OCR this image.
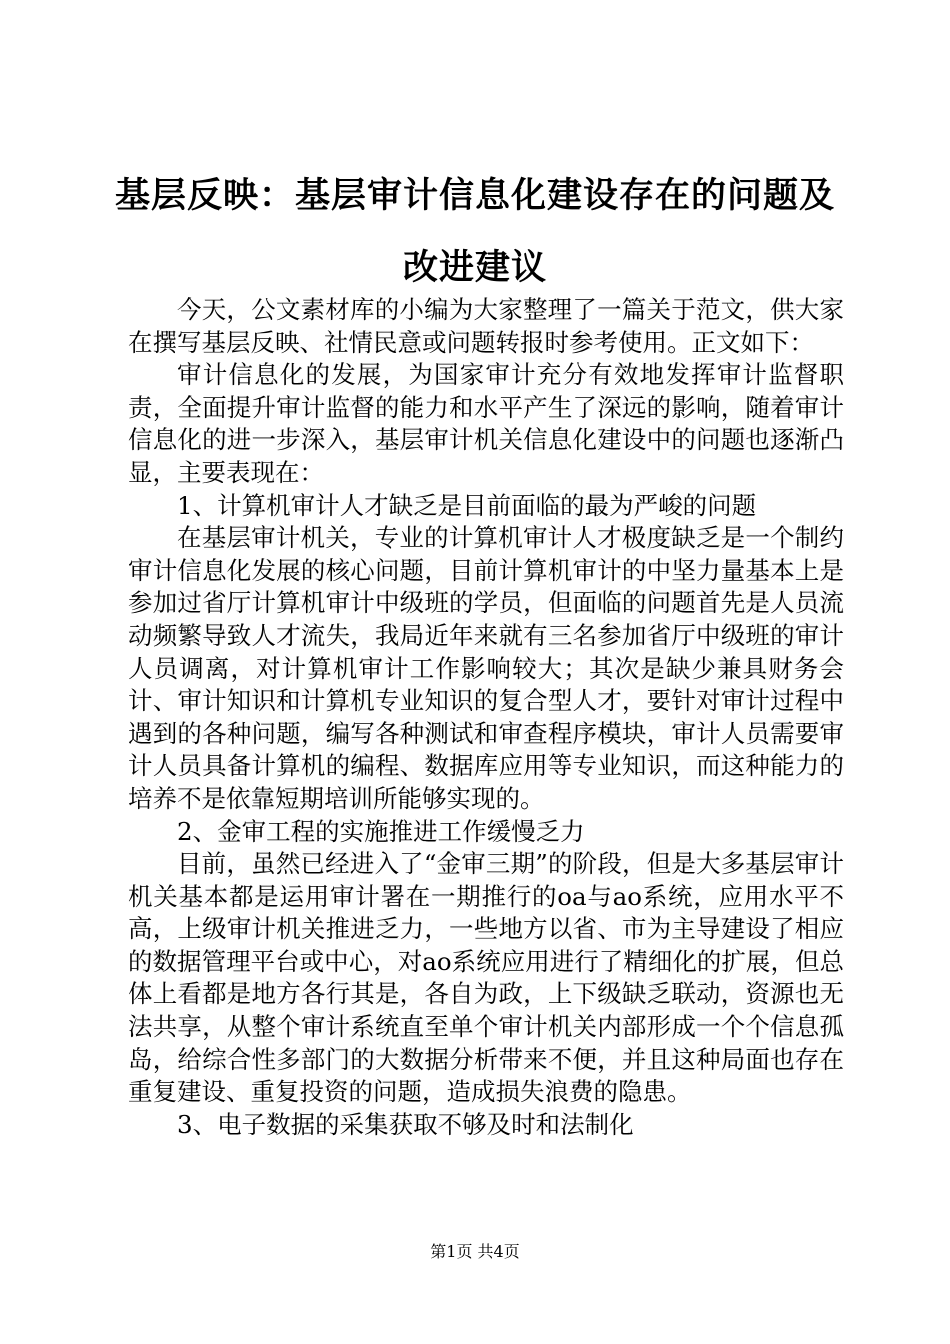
基层反映：基层审计信息化建设存在的问题及改进建议

今天，公文素材库的小编为大家整理了一篇关于范文，供大家在撰写基层反映、社情民意或问题转报时参考使用。正文如下：

审计信息化的发展，为国家审计充分有效地发挥审计监督职责，全面提升审计监督的能力和水平产生了深远的影响，随着审计信息化的进一步深入，基层审计机关信息化建设中的问题也逐渐凸显，主要表现在：

1、计算机审计人才缺乏是目前面临的最为严峻的问题

在基层审计机关，专业的计算机审计人才极度缺乏是一个制约审计信息化发展的核心问题，目前计算机审计的中坚力量基本上是参加过省厅计算机审计中级班的学员，但面临的问题首先是人员流动频繁导致人才流失，我局近年来就有三名参加省厅中级班的审计人员调离，对计算机审计工作影响较大；其次是缺少兼具财务会计、审计知识和计算机专业知识的复合型人才，要针对审计过程中遇到的各种问题，编写各种测试和审查程序模块，审计人员需要审计人员具备计算机的编程、数据库应用等专业知识，而这种能力的培养不是依靠短期培训所能够实现的。

2、金审工程的实施推进工作缓慢乏力

目前，虽然已经进入了“金审三期”的阶段，但是大多基层审计机关基本都是运用审计署在一期推行的oa与ao系统，应用水平不高，上级审计机关推进乏力，一些地方以省、市为主导建设了相应的数据管理平台或中心，对ao系统应用进行了精细化的扩展，但总体上看都是地方各行其是，各自为政，上下级缺乏联动，资源也无法共享，从整个审计系统直至单个审计机关内部形成一个个信息孤岛，给综合性多部门的大数据分析带来不便，并且这种局面也存在重复建设、重复投资的问题，造成损失浪费的隐患。

3、电子数据的采集获取不够及时和法制化

第1页 共4页
